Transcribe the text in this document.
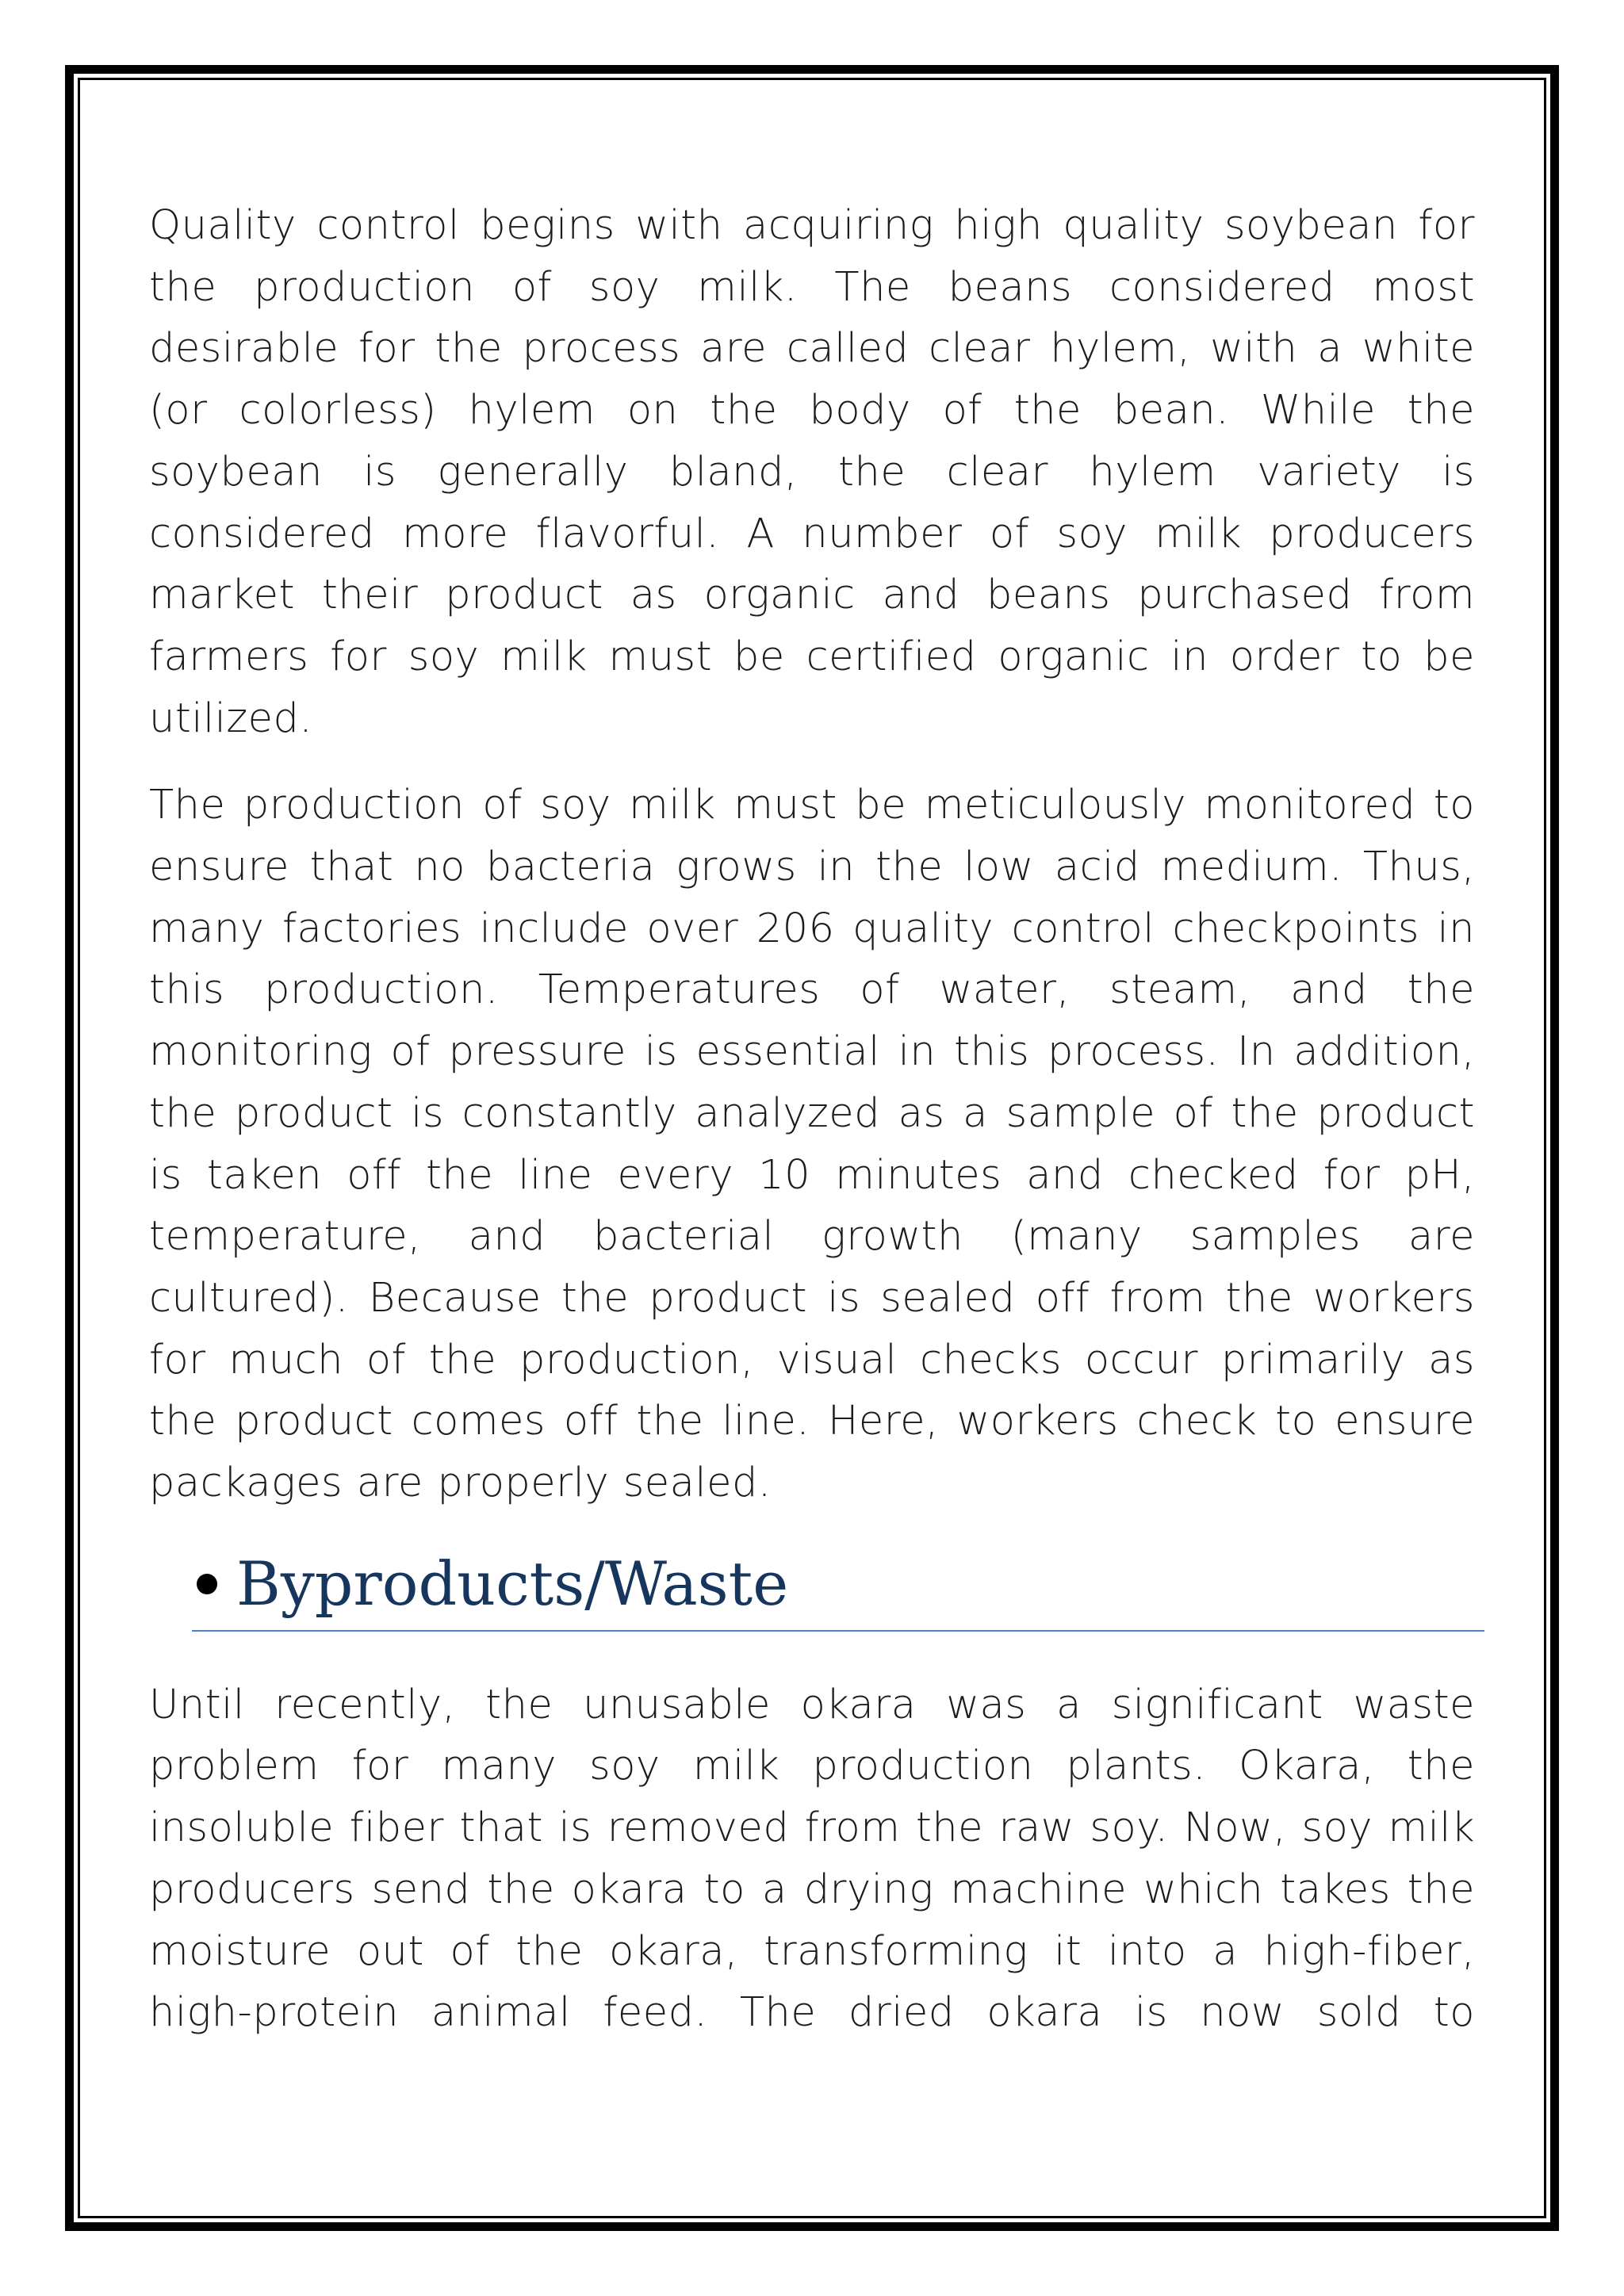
Quality control begins with acquiring high quality soybean for the production of soy milk. The beans considered most desirable for the process are called clear hylem, with a white (or colorless) hylem on the body of the bean. While the soybean is generally bland, the clear hylem variety is considered more flavorful. A number of soy milk producers market their product as organic and beans purchased from farmers for soy milk must be certified organic in order to be utilized.

The production of soy milk must be meticulously monitored to ensure that no bacteria grows in the low acid medium. Thus, many factories include over 206 quality control checkpoints in this production. Temperatures of water, steam, and the monitoring of pressure is essential in this process. In addition, the product is constantly analyzed as a sample of the product is taken off the line every 10 minutes and checked for pH, temperature, and bacterial growth (many samples are cultured). Because the product is sealed off from the workers for much of the production, visual checks occur primarily as the product comes off the line. Here, workers check to ensure packages are properly sealed.

Byproducts/Waste

Until recently, the unusable okara was a significant waste problem for many soy milk production plants. Okara, the insoluble fiber that is removed from the raw soy. Now, soy milk producers send the okara to a drying machine which takes the moisture out of the okara, transforming it into a high-fiber, high-protein animal feed. The dried okara is now sold to
